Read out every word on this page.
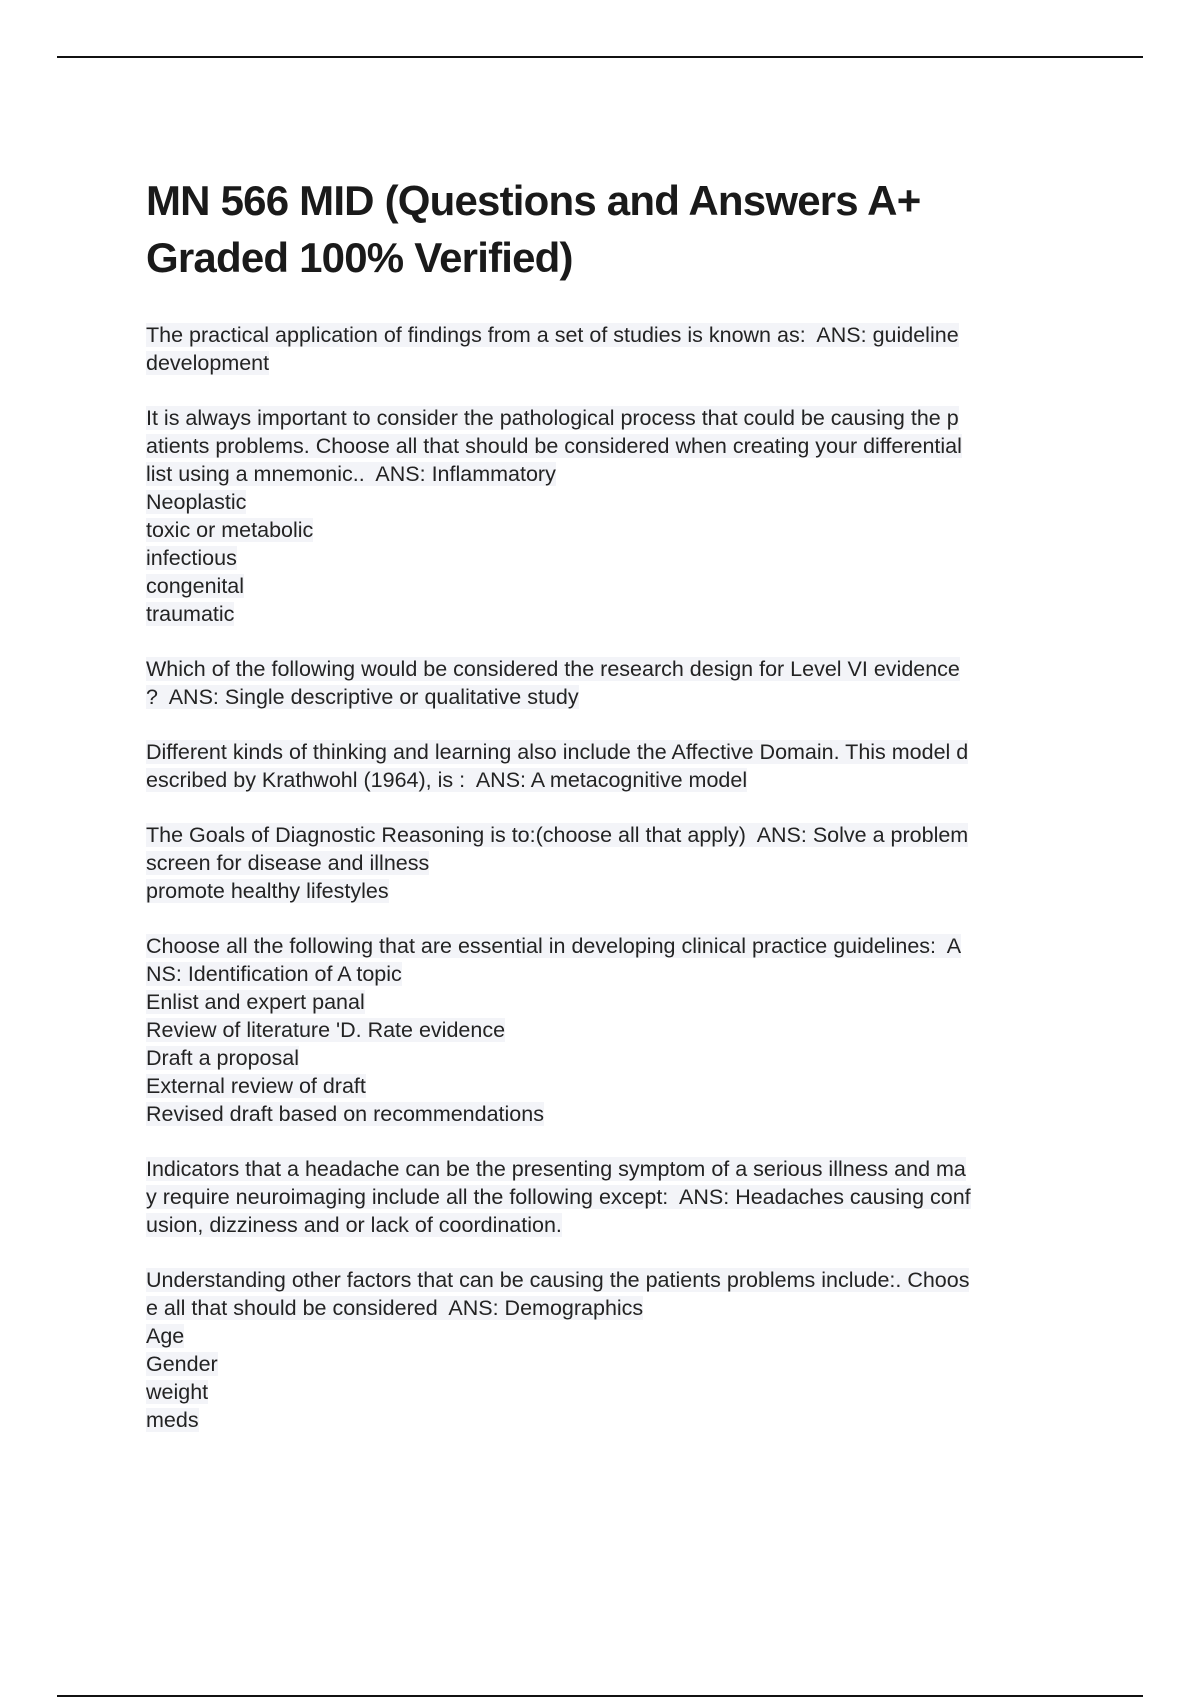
MN 566 MID (Questions and Answers A+
Graded 100% Verified)
The practical application of findings from a set of studies is known as:  ANS: guideline
development
It is always important to consider the pathological process that could be causing the p
atients problems. Choose all that should be considered when creating your differential
list using a mnemonic..  ANS: Inflammatory
Neoplastic
toxic or metabolic
infectious
congenital
traumatic
Which of the following would be considered the research design for Level VI evidence
?  ANS: Single descriptive or qualitative study
Different kinds of thinking and learning also include the Affective Domain. This model d
escribed by Krathwohl (1964), is :  ANS: A metacognitive model
The Goals of Diagnostic Reasoning is to:(choose all that apply)  ANS: Solve a problem
screen for disease and illness
promote healthy lifestyles
Choose all the following that are essential in developing clinical practice guidelines:  A
NS: Identification of A topic
Enlist and expert panal
Review of literature 'D. Rate evidence
Draft a proposal
External review of draft
Revised draft based on recommendations
Indicators that a headache can be the presenting symptom of a serious illness and ma
y require neuroimaging include all the following except:  ANS: Headaches causing conf
usion, dizziness and or lack of coordination.
Understanding other factors that can be causing the patients problems include:. Choos
e all that should be considered  ANS: Demographics
Age
Gender
weight
meds
